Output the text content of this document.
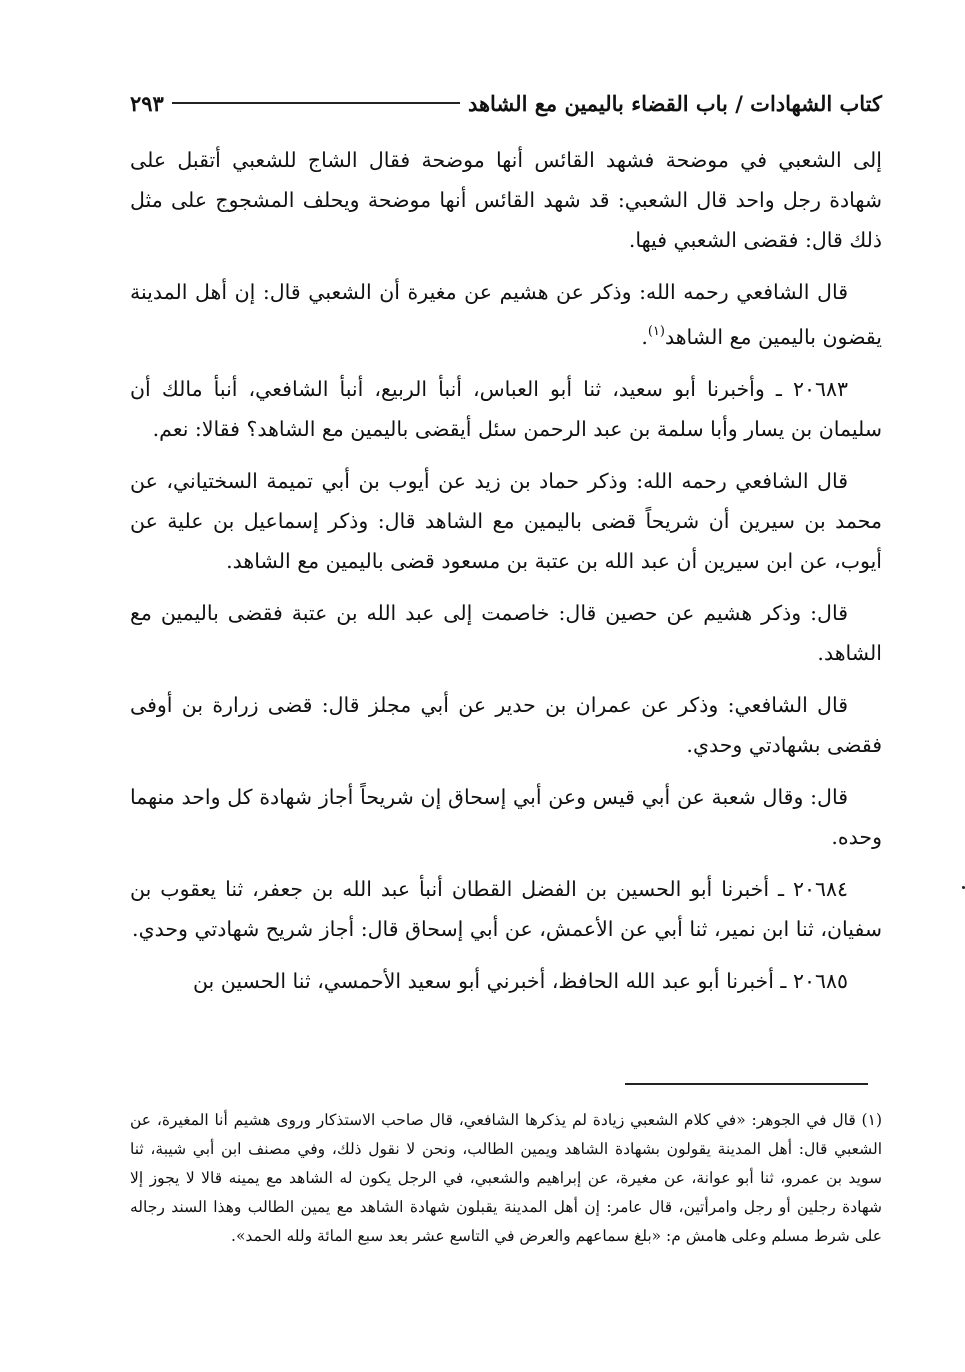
كتاب الشهادات / باب القضاء باليمين مع الشاهد
٢٩٣

إلى الشعبي في موضحة فشهد القائس أنها موضحة فقال الشاج للشعبي أتقبل على شهادة رجل واحد قال الشعبي: قد شهد القائس أنها موضحة ويحلف المشجوج على مثل ذلك قال: فقضى الشعبي فيها.

قال الشافعي رحمه الله: وذكر عن هشيم عن مغيرة أن الشعبي قال: إن أهل المدينة يقضون باليمين مع الشاهد$^{(١)}$.

٢٠٦٨٣ ـ وأخبرنا أبو سعيد، ثنا أبو العباس، أنبأ الربيع، أنبأ الشافعي، أنبأ مالك أن سليمان بن يسار وأبا سلمة بن عبد الرحمن سئل أيقضى باليمين مع الشاهد؟ فقالا: نعم.

قال الشافعي رحمه الله: وذكر حماد بن زيد عن أيوب بن أبي تميمة السختياني، عن محمد بن سيرين أن شريحاً قضى باليمين مع الشاهد قال: وذكر إسماعيل بن علية عن أيوب، عن ابن سيرين أن عبد الله بن عتبة بن مسعود قضى باليمين مع الشاهد.

قال: وذكر هشيم عن حصين قال: خاصمت إلى عبد الله بن عتبة فقضى باليمين مع الشاهد.

قال الشافعي: وذكر عن عمران بن حدير عن أبي مجلز قال: قضى زرارة بن أوفى فقضى بشهادتي وحدي.

قال: وقال شعبة عن أبي قيس وعن أبي إسحاق إن شريحاً أجاز شهادة كل واحد منهما وحده.

٢٠٦٨٤ ـ أخبرنا أبو الحسين بن الفضل القطان أنبأ عبد الله بن جعفر، ثنا يعقوب بن سفيان، ثنا ابن نمير، ثنا أبي عن الأعمش، عن أبي إسحاق قال: أجاز شريح شهادتي وحدي.

٢٠٦٨٥ ـ أخبرنا أبو عبد الله الحافظ، أخبرني أبو سعيد الأحمسي، ثنا الحسين بن

(١) قال في الجوهر: «في كلام الشعبي زيادة لم يذكرها الشافعي، قال صاحب الاستذكار وروى هشيم أنا المغيرة، عن الشعبي قال: أهل المدينة يقولون بشهادة الشاهد ويمين الطالب، ونحن لا نقول ذلك، وفي مصنف ابن أبي شيبة، ثنا سويد بن عمرو، ثنا أبو عوانة، عن مغيرة، عن إبراهيم والشعبي، في الرجل يكون له الشاهد مع يمينه قالا لا يجوز إلا شهادة رجلين أو رجل وامرأتين، قال عامر: إن أهل المدينة يقبلون شهادة الشاهد مع يمين الطالب وهذا السند رجاله على شرط مسلم وعلى هامش م: «بلغ سماعهم والعرض في التاسع عشر بعد سبع المائة ولله الحمد».
